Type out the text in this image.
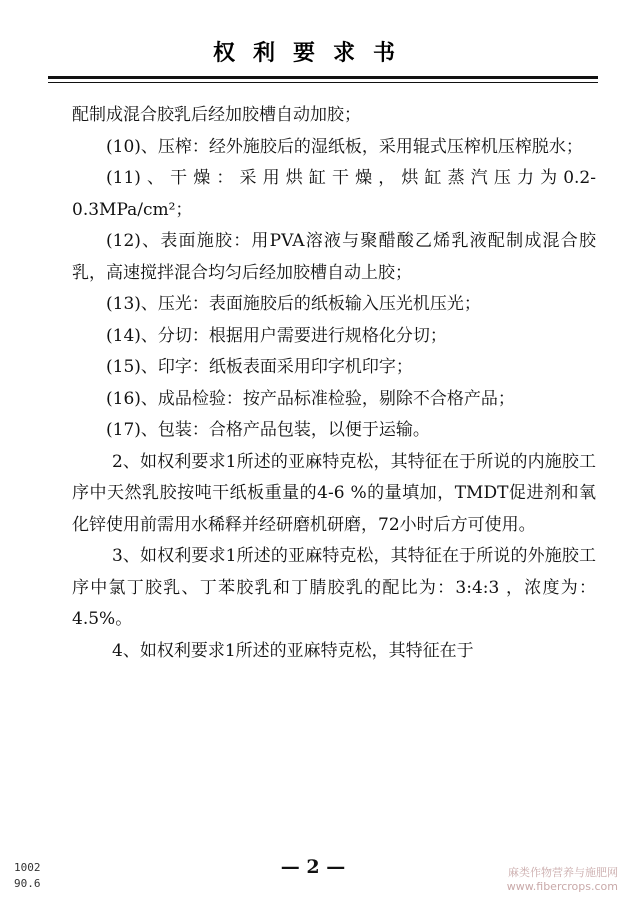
权利要求书

配制成混合胶乳后经加胶槽自动加胶；

(10)、压榨：经外施胶后的湿纸板，采用辊式压榨机压榨脱水；

(11)、干燥：采用烘缸干燥，烘缸蒸汽压力为0.2-0.3MPa/cm²；

(12)、表面施胶：用PVA溶液与聚醋酸乙烯乳液配制成混合胶乳，高速搅拌混合均匀后经加胶槽自动上胶；

(13)、压光：表面施胶后的纸板输入压光机压光；

(14)、分切：根据用户需要进行规格化分切；

(15)、印字：纸板表面采用印字机印字；

(16)、成品检验：按产品标准检验，剔除不合格产品；

(17)、包装：合格产品包装，以便于运输。

2、如权利要求1所述的亚麻特克松，其特征在于所说的内施胶工序中天然乳胶按吨干纸板重量的4-6 %的量填加，TMDT促进剂和氧化锌使用前需用水稀释并经研磨机研磨，72小时后方可使用。

3、如权利要求1所述的亚麻特克松，其特征在于所说的外施胶工序中氯丁胶乳、丁苯胶乳和丁腈胶乳的配比为：3:4:3 ，浓度为：4.5%。

4、如权利要求1所述的亚麻特克松，其特征在于

— 2 —
1002
90.6
麻类作物营养与施肥网
www.fibercrops.com
